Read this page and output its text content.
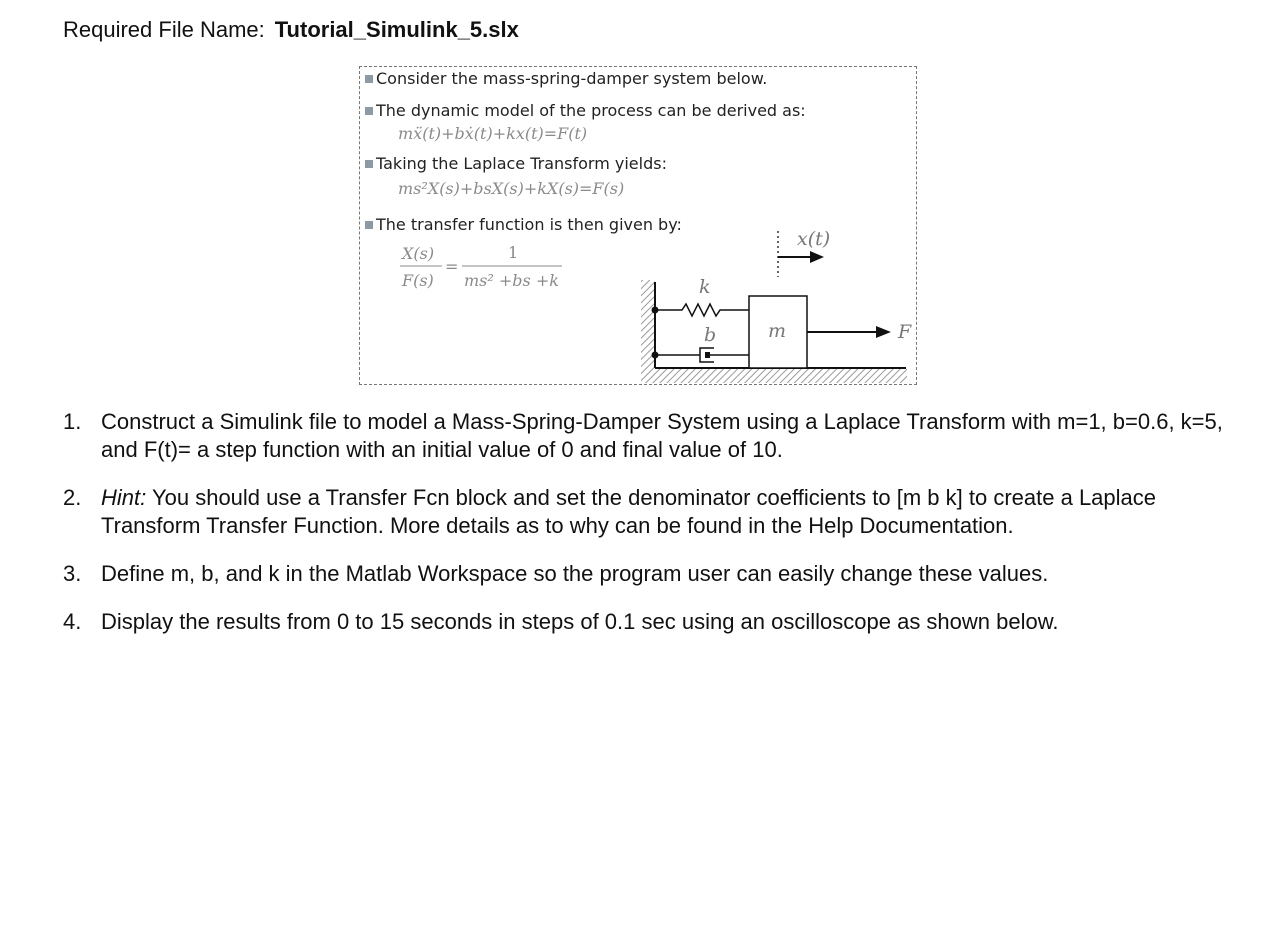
Required File Name: Tutorial_Simulink_5.slx
Consider the mass-spring-damper system below.
The dynamic model of the process can be derived as:
mẍ(t)+bẋ(t)+kx(t)=F(t)
Taking the Laplace Transform yields:
ms²X(s)+bsX(s)+kX(s)=F(s)
The transfer function is then given by:
X(s)
F(s)
=
1
ms² +bs +k
x(t)
k
b	m	F
1. Construct a Simulink file to model a Mass-Spring-Damper System using a Laplace Transform with m=1, b=0.6, k=5, and F(t)= a step function with an initial value of 0 and final value of 10.
2. Hint: You should use a Transfer Fcn block and set the denominator coefficients to [m b k] to create a Laplace Transform Transfer Function. More details as to why can be found in the Help Documentation.
3. Define m, b, and k in the Matlab Workspace so the program user can easily change these values.
4. Display the results from 0 to 15 seconds in steps of 0.1 sec using an oscilloscope as shown below.
